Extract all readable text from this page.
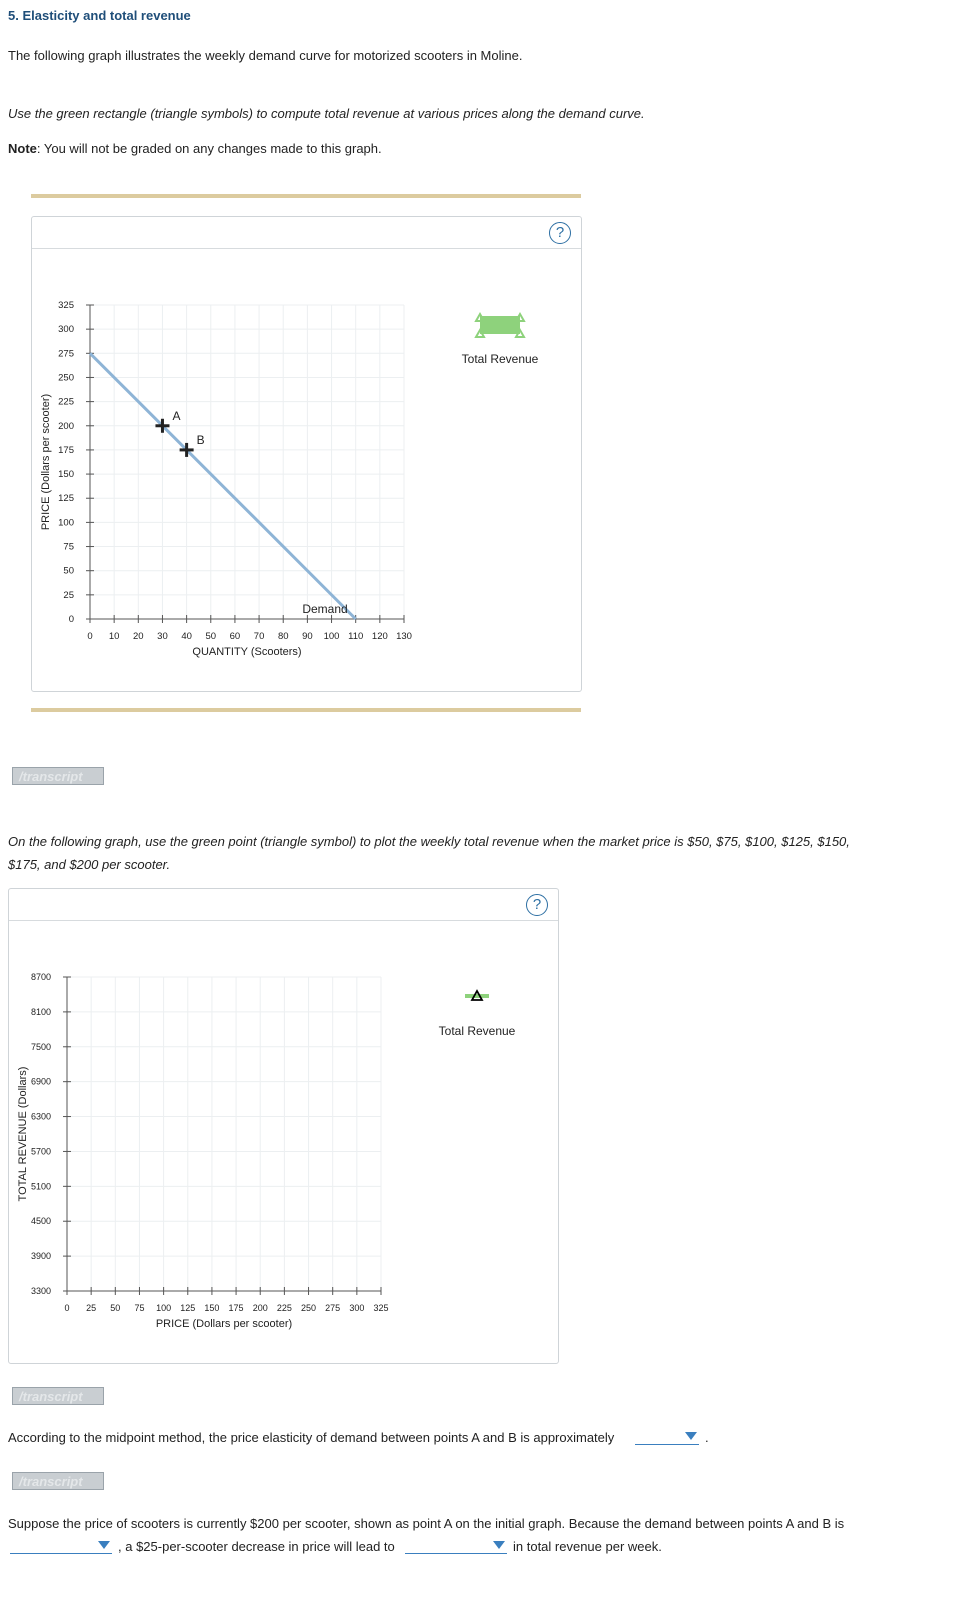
5. Elasticity and total revenue
The following graph illustrates the weekly demand curve for motorized scooters in Moline.
Use the green rectangle (triangle symbols) to compute total revenue at various prices along the demand curve.
Note: You will not be graded on any changes made to this graph.
?
0 10 20 30 40 50 60 70 80 90 100 110 120 130
0
25
50
75
100
125
150
175
200
225
250
275
300
325
PRICE (Dollars per scooter)
QUANTITY (Scooters)
Demand
A
B
Total Revenue
/transcript
On the following graph, use the green point (triangle symbol) to plot the weekly total revenue when the market price is $50, $75, $100, $125, $150,
$175, and $200 per scooter.
?
0 25 50 75 100 125 150 175 200 225 250 275 300 325
3300
3900
4500
5100
5700
6300
6900
7500
8100
8700
TOTAL REVENUE (Dollars)
PRICE (Dollars per scooter)
Total Revenue
/transcript
According to the midpoint method, the price elasticity of demand between points A and B is approximately	.
/transcript
Suppose the price of scooters is currently $200 per scooter, shown as point A on the initial graph. Because the demand between points A and B is
, a $25-per-scooter decrease in price will lead to	in total revenue per week.
